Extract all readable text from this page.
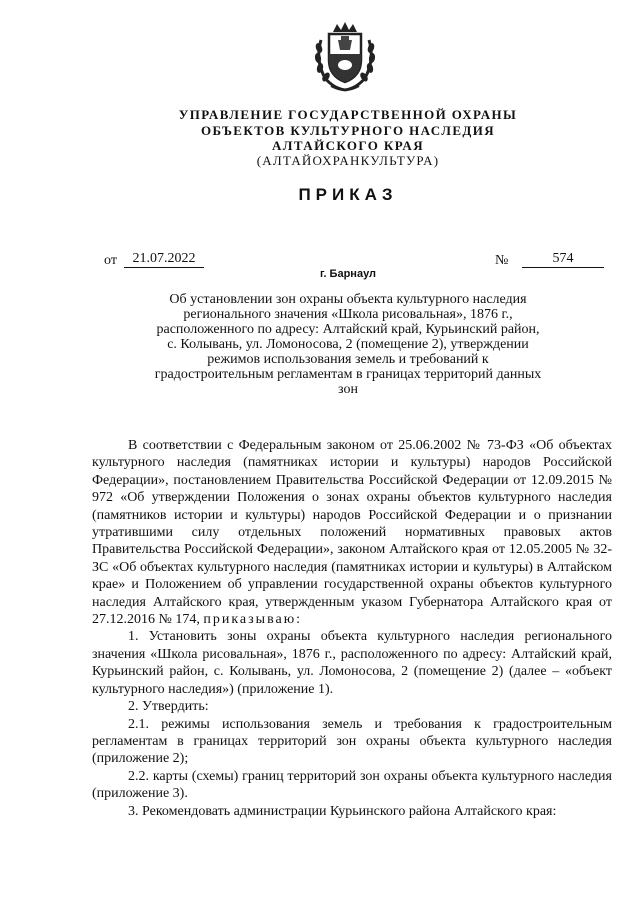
УПРАВЛЕНИЕ ГОСУДАРСТВЕННОЙ ОХРАНЫ

ОБЪЕКТОВ КУЛЬТУРНОГО НАСЛЕДИЯ

АЛТАЙСКОГО КРАЯ

(АЛТАЙОХРАНКУЛЬТУРА)

ПРИКАЗ

от	21.07.2022	№	574
г. Барнаул
Об установлении зон охраны объекта культурного наследия регионального значения «Школа рисовальная», 1876 г., расположенного по адресу: Алтайский край, Курьинский район, с. Колывань, ул. Ломоносова, 2 (помещение 2), утверждении режимов использования земель и требований к градостроительным регламентам в границах территорий данных зон

В соответствии с Федеральным законом от 25.06.2002 № 73-ФЗ «Об объектах культурного наследия (памятниках истории и культуры) народов Российской Федерации», постановлением Правительства Российской Федерации от 12.09.2015 № 972 «Об утверждении Положения о зонах охраны объектов культурного наследия (памятников истории и культуры) народов Российской Федерации и о признании утратившими силу отдельных положений нормативных правовых актов Правительства Российской Федерации», законом Алтайского края от 12.05.2005 № 32-ЗС «Об объектах культурного наследия (памятниках истории и культуры) в Алтайском крае» и Положением об управлении государственной охраны объектов культурного наследия Алтайского края, утвержденным указом Губернатора Алтайского края от 27.12.2016 № 174, приказываю:

1. Установить зоны охраны объекта культурного наследия регионального значения «Школа рисовальная», 1876 г., расположенного по адресу: Алтайский край, Курьинский район, с. Колывань, ул. Ломоносова, 2 (помещение 2) (далее – «объект культурного наследия») (приложение 1).

2. Утвердить:

2.1. режимы использования земель и требования к градостроительным регламентам в границах территорий зон охраны объекта культурного наследия (приложение 2);

2.2. карты (схемы) границ территорий зон охраны объекта культурного наследия (приложение 3).

3. Рекомендовать администрации Курьинского района Алтайского края:
